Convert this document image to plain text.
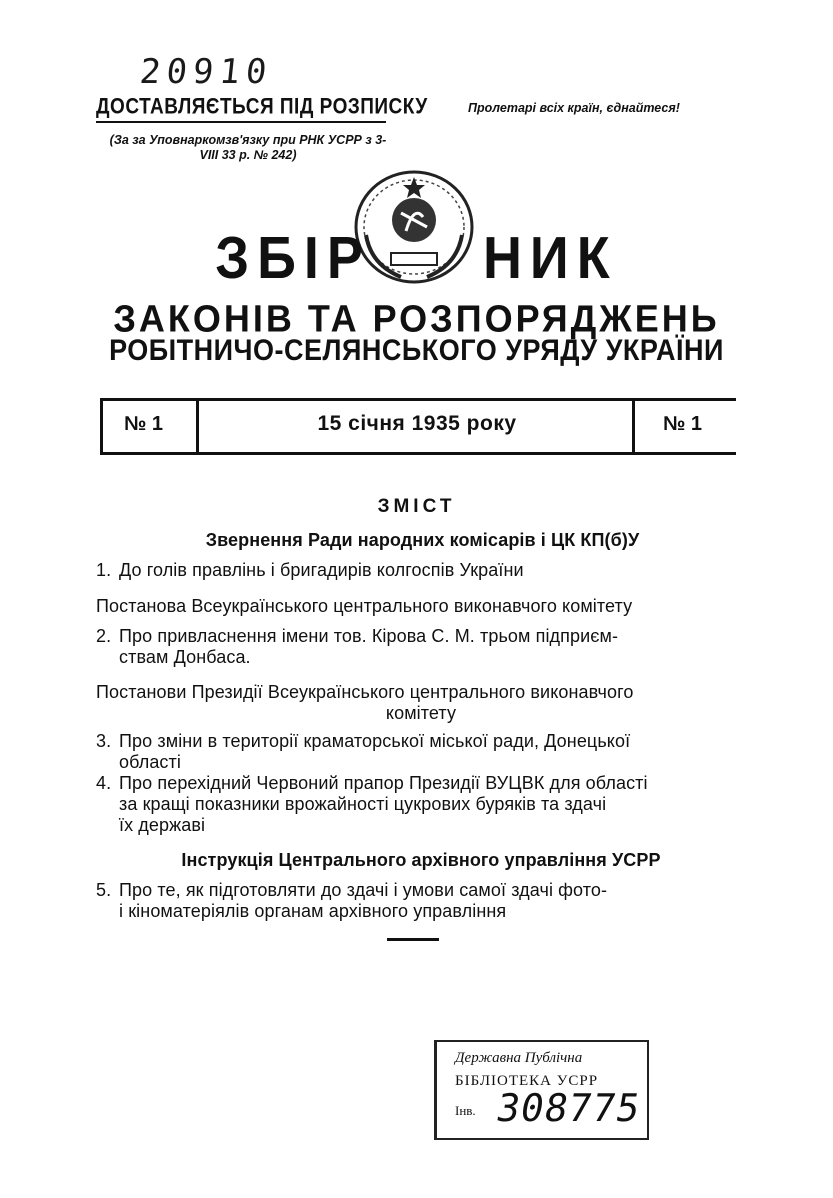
20910
ДОСТАВЛЯЄТЬСЯ ПІД РОЗПИСКУ
(За за Уповнаркомзв'язку при РНК УСРР з 3-VIII 33 р. № 242)
Пролетарі всіх країн, єднайтеся!
ЗБІР НИК
ЗАКОНІВ ТА РОЗПОРЯДЖЕНЬ
РОБІТНИЧО-СЕЛЯНСЬКОГО УРЯДУ УКРАЇНИ
№ 1	15 січня 1935 року	№ 1
ЗМІСТ
Звернення Ради народних комісарів і ЦК КП(б)У
1. До голів правлінь і бригадирів колгоспів України
Постанова Всеукраїнського центрального виконавчого комітету
2. Про привласнення імени тов. Кірова С. М. трьом підприєм-
ствам Донбаса.
Постанови Президії Всеукраїнського центрального виконавчого
комітету
3. Про зміни в території краматорської міської ради, Донецької
області
4. Про перехідний Червоний прапор Президії ВУЦВК для області
за кращі показники врожайності цукрових буряків та здачі
їх державі
Інструкція Центрального архівного управління УСРР
5. Про те, як підготовляти до здачі і умови самої здачі фото-
і кіноматеріялів органам архівного управління
Державна Публічна
БІБЛІОТЕКА УСРР
Інв. 308775
